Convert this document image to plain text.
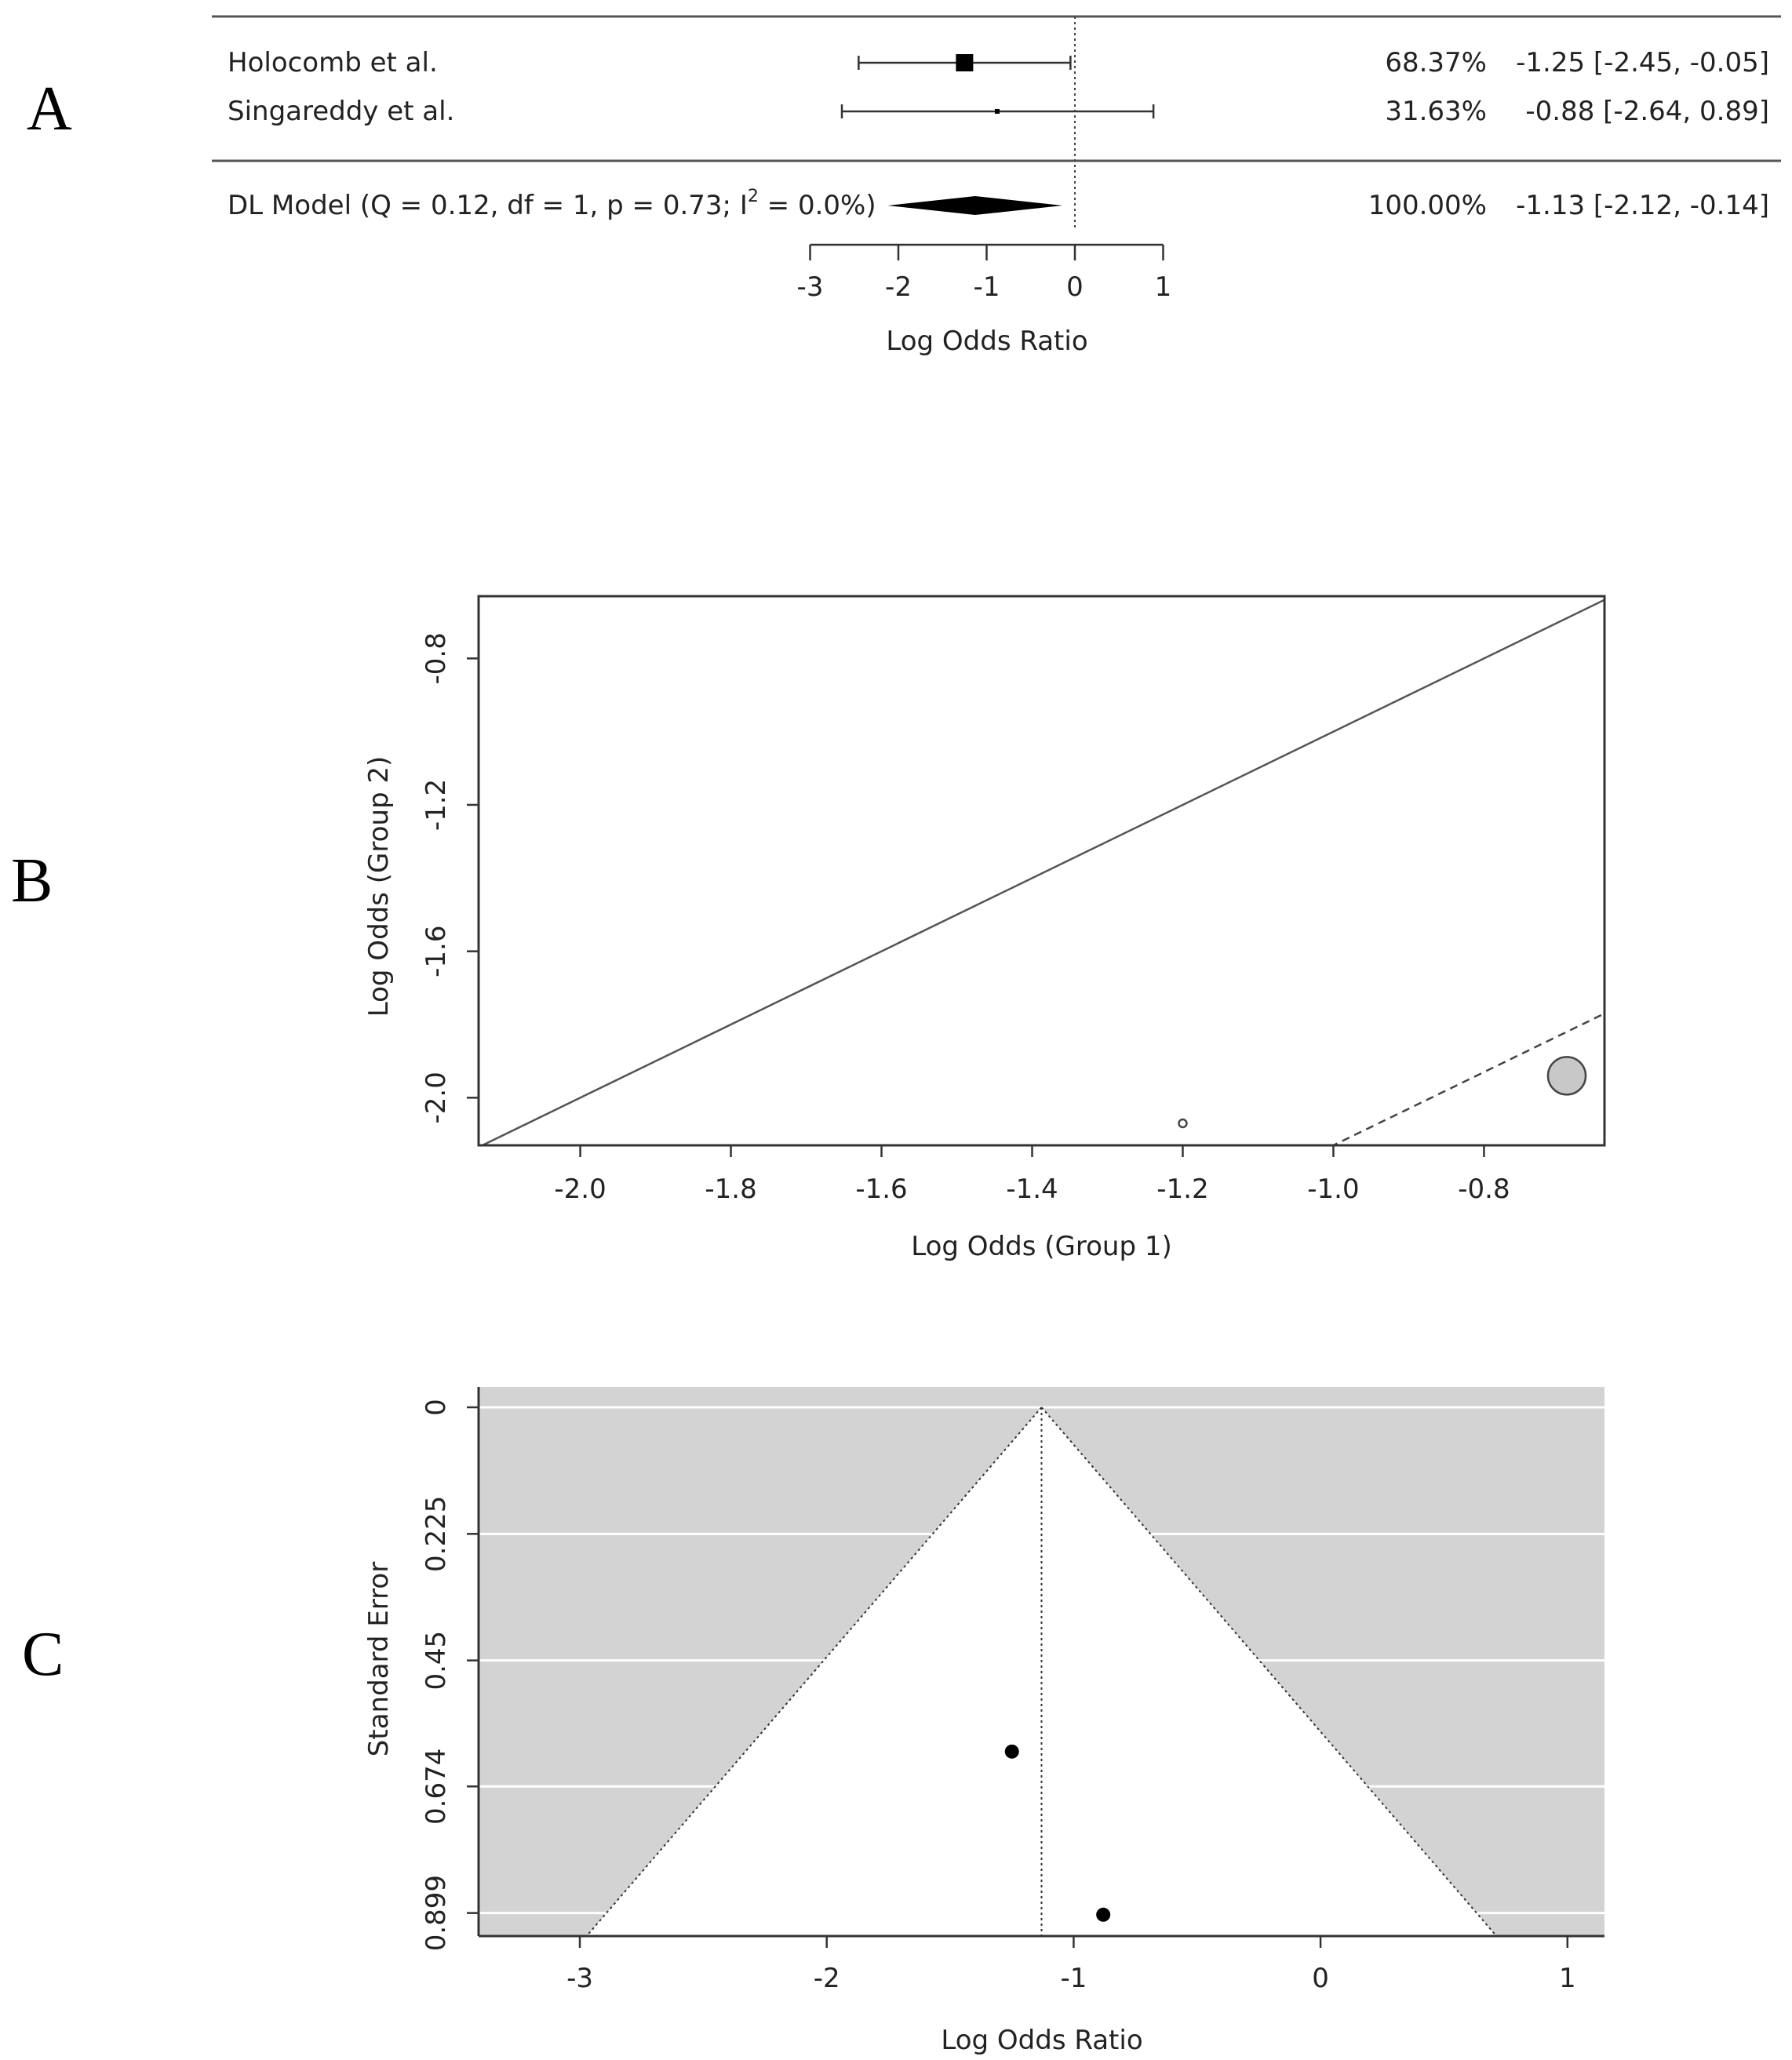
A
B
C
Holocomb et al.	68.37% -1.25 [-2.45, -0.05]
Singareddy et al.	31.63% -0.88 [-2.64, 0.89]
DL Model (Q = 0.12, df = 1, p = 0.73; $I^2 = 0.0\%$)	100.00% -1.13 [-2.12, -0.14]
-3 -2 -1 0	1
Log Odds Ratio
-2.0	-1.8	-1.6	-1.4	-1.2	-1.0	-0.8
-0.8
-1.2
-1.6
-2.0
Log Odds (Group 1)
Log Odds (Group 2)
-3	-2	-1	0	1
0
0.225
0.45
0.674
0.899
Log Odds Ratio
Standard Error
